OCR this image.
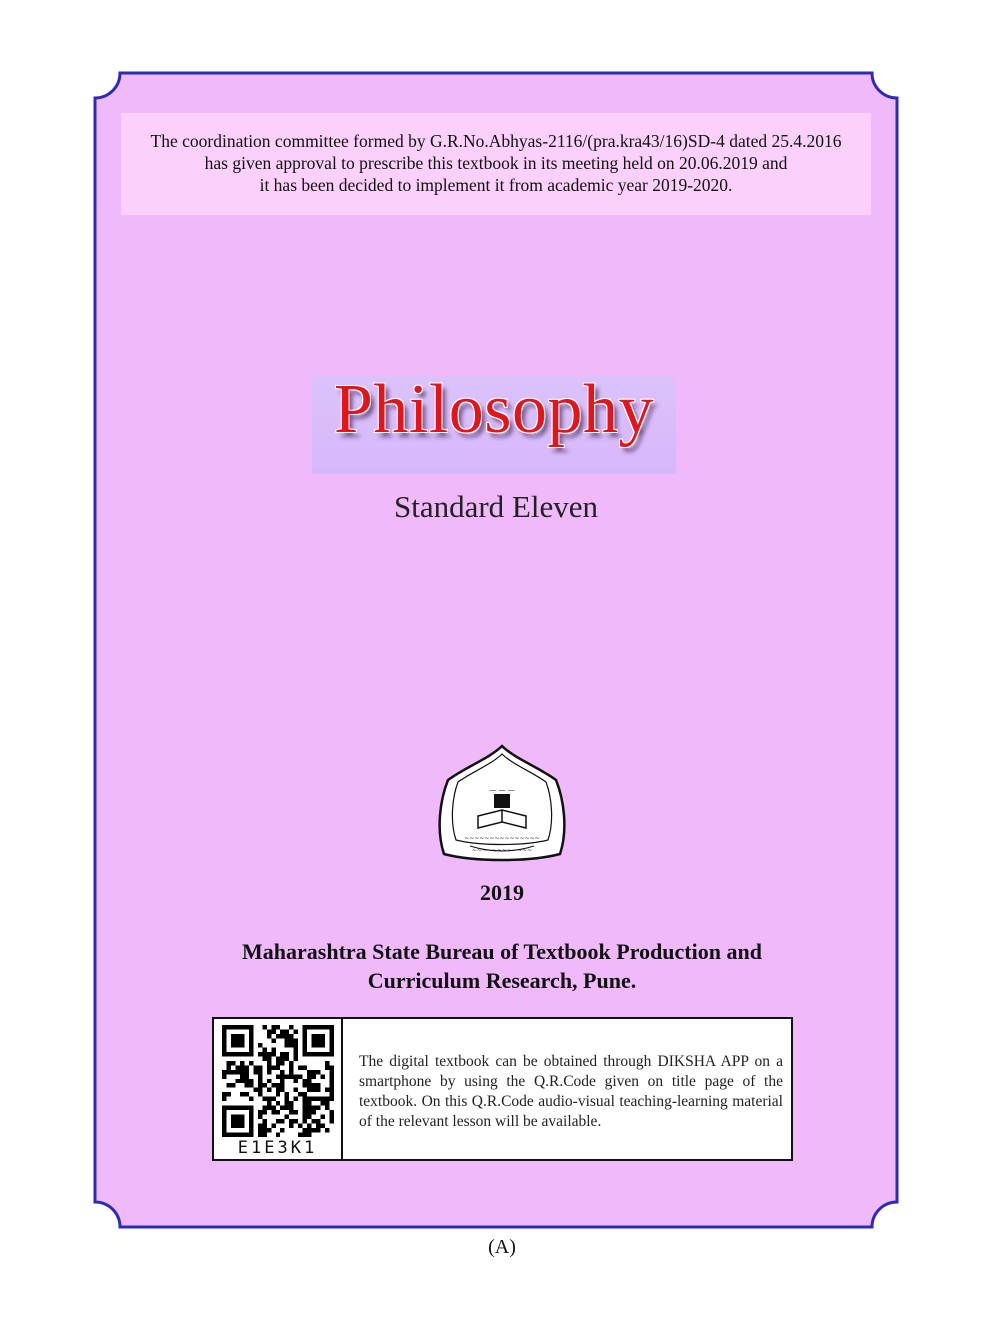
The coordination committee formed by G.R.No.Abhyas-2116/(pra.kra43/16)SD-4 dated 25.4.2016
has given approval to prescribe this textbook in its meeting held on 20.06.2019 and
it has been decided to implement it from academic year 2019-2020.
Philosophy
Standard Eleven
— — —
~~~~~~~~~~~~~~~
~~~~~~~~~~~~
2019
Maharashtra State Bureau of Textbook Production and
Curriculum Research, Pune.
E1E3K1
The digital textbook can be obtained through DIKSHA APP on a smartphone by using the Q.R.Code given on title page of the textbook. On this Q.R.Code audio-visual teaching-learning material of the relevant lesson will be available.
(A)
